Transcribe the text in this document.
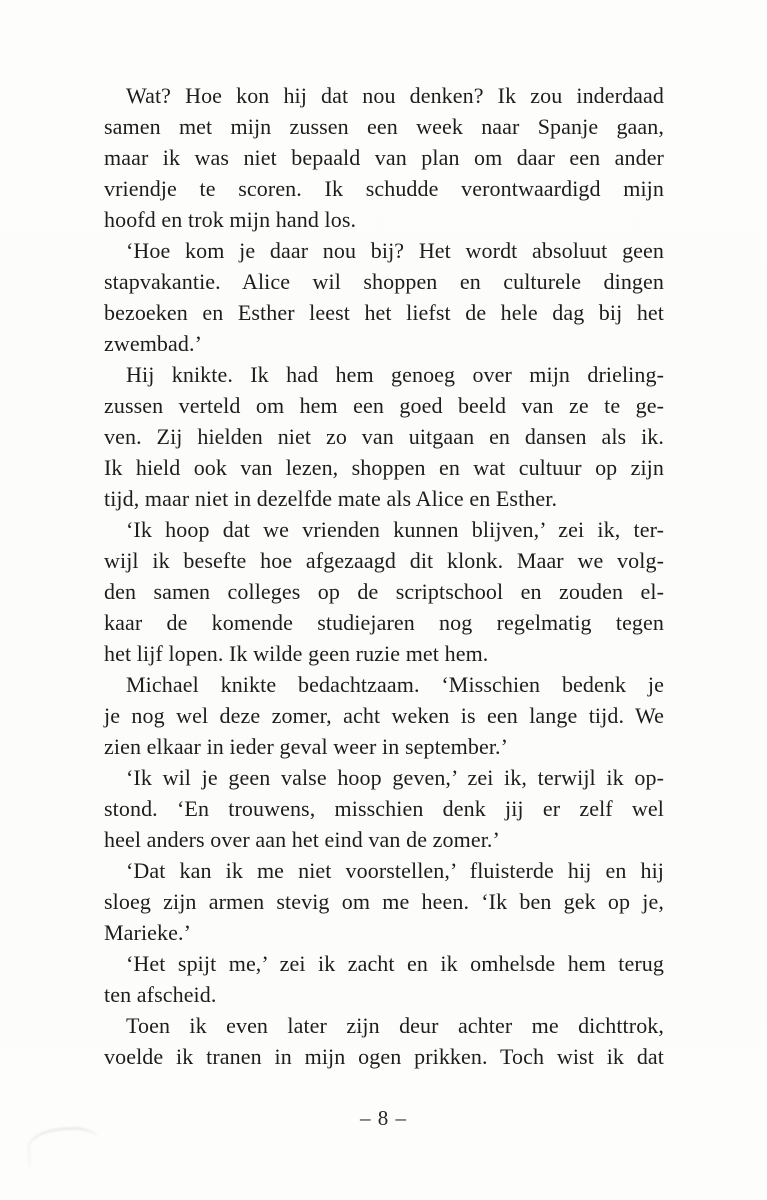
Wat? Hoe kon hij dat nou denken? Ik zou inderdaad
samen met mijn zussen een week naar Spanje gaan,
maar ik was niet bepaald van plan om daar een ander
vriendje te scoren. Ik schudde verontwaardigd mijn
hoofd en trok mijn hand los.

‘Hoe kom je daar nou bij? Het wordt absoluut geen
stapvakantie. Alice wil shoppen en culturele dingen
bezoeken en Esther leest het liefst de hele dag bij het
zwembad.’

Hij knikte. Ik had hem genoeg over mijn drieling-
zussen verteld om hem een goed beeld van ze te ge-
ven. Zij hielden niet zo van uitgaan en dansen als ik.
Ik hield ook van lezen, shoppen en wat cultuur op zijn
tijd, maar niet in dezelfde mate als Alice en Esther.

‘Ik hoop dat we vrienden kunnen blijven,’ zei ik, ter-
wijl ik besefte hoe afgezaagd dit klonk. Maar we volg-
den samen colleges op de scriptschool en zouden el-
kaar de komende studiejaren nog regelmatig tegen
het lijf lopen. Ik wilde geen ruzie met hem.

Michael knikte bedachtzaam. ‘Misschien bedenk je
je nog wel deze zomer, acht weken is een lange tijd. We
zien elkaar in ieder geval weer in september.’

‘Ik wil je geen valse hoop geven,’ zei ik, terwijl ik op-
stond. ‘En trouwens, misschien denk jij er zelf wel
heel anders over aan het eind van de zomer.’

‘Dat kan ik me niet voorstellen,’ fluisterde hij en hij
sloeg zijn armen stevig om me heen. ‘Ik ben gek op je,
Marieke.’

‘Het spijt me,’ zei ik zacht en ik omhelsde hem terug
ten afscheid.

Toen ik even later zijn deur achter me dichttrok,
voelde ik tranen in mijn ogen prikken. Toch wist ik dat

– 8 –
